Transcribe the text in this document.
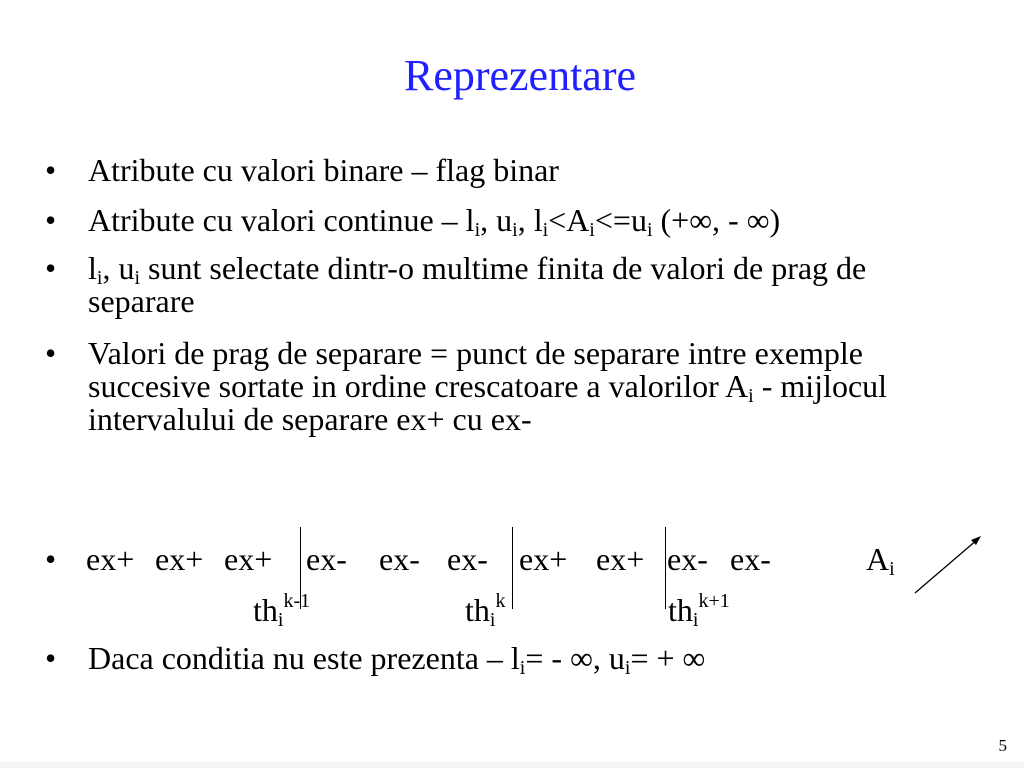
Reprezentare

• Atribute cu valori binare – flag binar

• Atribute cu valori continue – $l_i$, $u_i$, $l_i<A_i<=u_i$ (+∞, - ∞)

• $l_i$, $u_i$ sunt selectate dintr-o multime finita de valori de prag de separare

• Valori de prag de separare = punct de separare intre exemple succesive sortate in ordine crescatoare a valorilor $A_i$ - mijlocul intervalului de separare ex+ cu ex-

• ex+ ex+ ex+ ex- ex- ex- ex+ ex+ ex- ex-	$A_i$
$th_i^{k-1}$	$th_i^k$	$th_i^{k+1}$

• Daca conditia nu este prezenta – $l_i=$ - ∞, $u_i=$ + ∞

5
